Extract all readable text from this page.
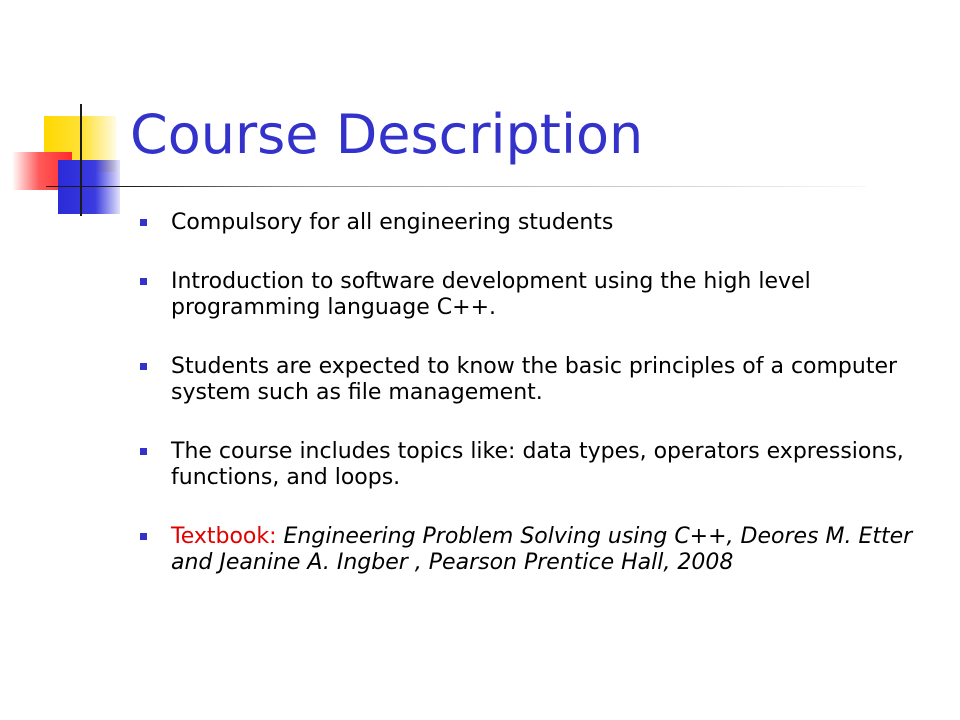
Course Description
Compulsory for all engineering students
Introduction to software development using the high level programming language C++.
Students are expected to know the basic principles of a computer system such as file management.
The course includes topics like: data types, operators expressions, functions, and loops.
Textbook: Engineering Problem Solving using C++, Deores M. Etter and Jeanine A. Ingber , Pearson Prentice Hall, 2008
